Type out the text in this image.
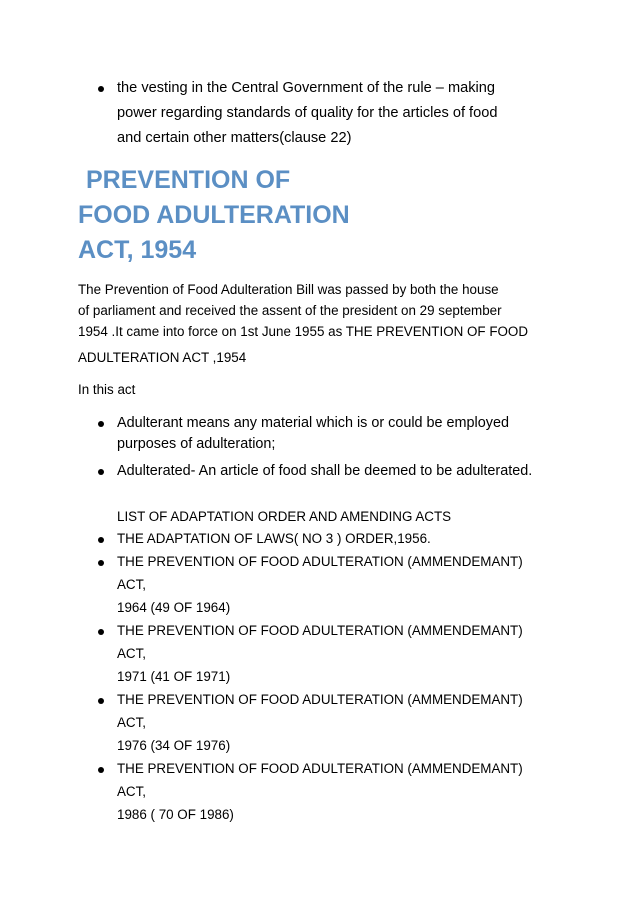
the vesting in the Central Government of the rule – making
power regarding standards of quality for the articles of food
and certain other matters(clause 22)
PREVENTION OF
FOOD ADULTERATION
ACT, 1954
The Prevention of Food Adulteration Bill was passed by both the house
of parliament and received the assent of the president on 29 september
1954 .It came into force on 1st June 1955 as THE PREVENTION OF FOOD
ADULTERATION ACT ,1954
In this act
Adulterant means any material which is or could be employed
purposes of adulteration;
Adulterated- An article of food shall be deemed to be adulterated.
LIST OF ADAPTATION ORDER AND AMENDING ACTS
THE ADAPTATION OF LAWS( NO 3 ) ORDER,1956.
THE PREVENTION OF FOOD ADULTERATION (AMMENDEMANT)
ACT,
1964 (49 OF 1964)
THE PREVENTION OF FOOD ADULTERATION (AMMENDEMANT)
ACT,
1971 (41 OF 1971)
THE PREVENTION OF FOOD ADULTERATION (AMMENDEMANT)
ACT,
1976 (34 OF 1976)
THE PREVENTION OF FOOD ADULTERATION (AMMENDEMANT)
ACT,
1986 ( 70 OF 1986)
